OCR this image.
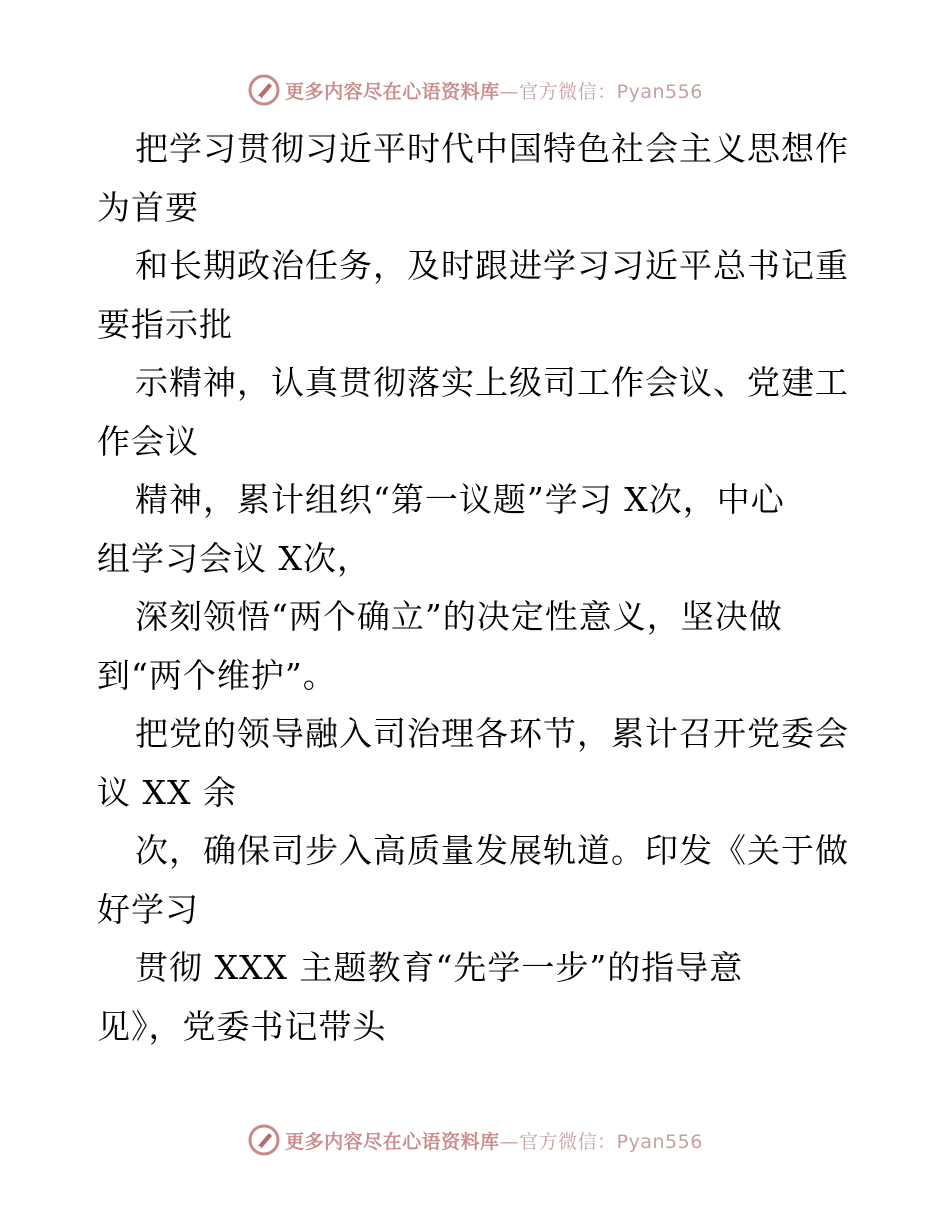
更多内容尽在心语资料库—官方微信：Pyan556
把学习贯彻习近平时代中国特色社会主义思想作
为首要
和长期政治任务，及时跟进学习习近平总书记重
要指示批
示精神，认真贯彻落实上级司工作会议、党建工
作会议
精神，累计组织“第一议题”学习 X次，中心
组学习会议 X次，
深刻领悟“两个确立”的决定性意义，坚决做
到“两个维护”。
把党的领导融入司治理各环节，累计召开党委会
议 XX 余
次，确保司步入高质量发展轨道。印发《关于做
好学习
贯彻 XXX 主题教育“先学一步”的指导意
见》，党委书记带头
更多内容尽在心语资料库—官方微信：Pyan556
